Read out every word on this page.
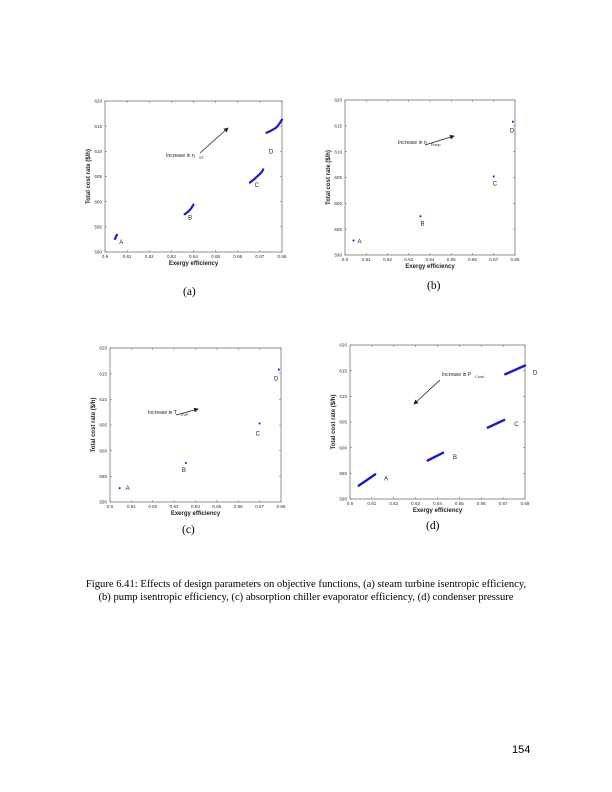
0.6	0.61	0.62	0.63	0.64	0.65	0.66	0.67	0.68
590
595
600
605
610
615
620
Exergy efficiency
Total cost rate ($/h)
A
B
C
D
Increase in η ST
(a)
0.6	0.61	0.62	0.63	0.64	0.65	0.66	0.67	0.68
590
595
600
605
610
615
620
Exergy efficiency
Total cost rate ($/h)
A
B
C
D
Increase in η Pump
(b)
0.6	0.61	0.62	0.63	0.64	0.65	0.66	0.67	0.68
590
595
600
605
610
615
620
Exergy efficiency
Total cost rate ($/h)
A
B
C
D
Increase in T EVP
(c)
0.6	0.61	0.62	0.63	0.64	0.65	0.66	0.67	0.68
590
595
600
605
610
615
620
Exergy efficiency
Total cost rate ($/h)
A
B
C
D
Increase in P Cond
(d)
Figure 6.41: Effects of design parameters on objective functions, (a) steam turbine isentropic efficiency,
(b) pump isentropic efficiency, (c) absorption chiller evaporator efficiency, (d) condenser pressure
154
